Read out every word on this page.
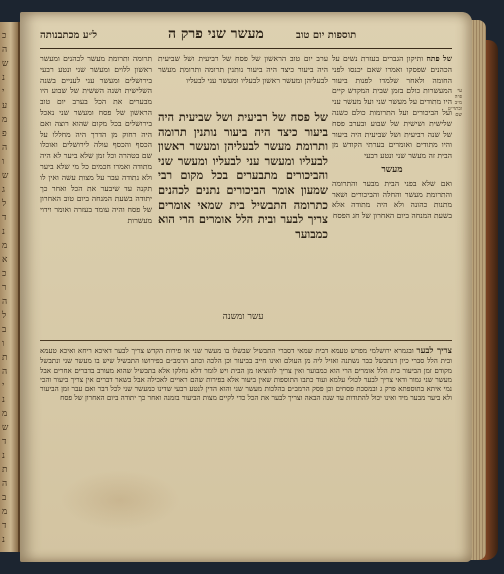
כ
ה
ש
נ
י
ע
מ
פ
ה
ו
ש
ג
ל
ד
נ
מ
א
כ
ר
ה
ל
ב
ו
ת
ה
י
נ
מ
ש
ד
נ
ת
ה
ב
מ
ד
נ
ל״ע מכתבנותה	מעשר שני פרק ה	תוספות יום טוב
של פתח ותיקון הגברים בעזרת נשים על הכהנים שפסקו ואמרו שאם יכנסו לפני החומה ולאחר שלמדו לפנות ביעור המעשרות כולם בזמן שבית המקדש קיים היו מתודים על מעשר שני ועל מעשר עני ועל הביכורים ועל התרומות כולם כשנה שלישית ושישית של שבוע ובערב פסח של שנה רביעית ושל שביעית היה ביעור והיו מתודים ואומרים בערתי הקודש מן הבית זה מעשר שני ונטע רבעי
מעשר
ואם שלא בפני הבית מבער והתרומה והתרומת מעשר והחלה והביכורים ושאר מתנות כהונה ולא היה מתודה אלא בשעת המנחה ביום האחרון של חג הפסח
עי׳ פ״ה מ״ב ובתוי״ט שם
תרומה ותרומת מעשר לכהנים ומעשר ראשון ללוים ומעשר שני ונטע רבעי בירושלים ומעשר עני לעניים בשנה השלישית ושנה הששית של שבוע היו מבערים את הכל בערב יום טוב הראשון של פסח ומעשר שני נאכל בירושלים בכל מקום שהוא רוצה ואם היה רחוק מן הדרך היה מחללו על הכסף והכסף עולה לירושלים ואוכלו שם בטהרה וכל זמן שלא ביער לא היה מתודה ואמרו חכמים כל מי שלא ביער ולא נתודה עבר על מצות עשה ואין לו תקנה עד שיבער את הכל ואחר כך יתודה בשעת המנחה ביום טוב האחרון של פסח והיה עומד בעזרה ואומר וידוי מעשרות
ערב יום טוב הראשון של פסח של רביעית ושל שביעית היה ביעור כיצד היה ביעור נותנין תרומה ותרומת מעשר לבעליהן ומעשר ראשון לבעליו ומעשר עני לבעליו
של פסח של רביעית ושל שביעית היה ביעור כיצד היה ביעור נותנין תרומה ותרומת מעשר לבעליהן ומעשר ראשון לבעליו ומעשר עני לבעליו ומעשר שני והביכורים מתבערים בכל מקום רבי שמעון אומר הביכורים נתנים לכהנים כתרומה התבשיל בית שמאי אומרים צריך לבער ובית הלל אומרים הרי הוא כמבוער
עשר ומשנה
צריך לבער ובגמרא ירושלמי מפרש טעמא דבית שמאי דסברי התבשיל שבשלו בו מעשר שני או פירות הקדש צריך לבער דאיכא ריחא ואיכא טעמא ובית הלל סברי כיון דנתבשל כבר נשתנה ואזיל ליה מן העולם ואינו חייב בביעור וכן הלכה וכתב הרמב״ם בפירושו התבשיל שיש בו מעשר שני ונתבשל מקודם זמן הביעור בית הלל אומרים הרי הוא כמבוער ואין צריך להוציאו מן הבית ויש לומר דלא נחלקו אלא בתבשיל שהוא מעורב בדברים אחרים אבל מעשר שני גמור ודאי צריך לבער לכולי עלמא ועוד כתבו התוספות שאין ביעור אלא בפירות שהם ראויים לאכילה אבל בשאר דברים אין צריך ביעור והכי נמי איתא בתוספתא פרק ג ובמסכת פסחים וכן פסק הרמב״ם בהלכות מעשר שני והוא הדין לנטע רבעי שדינו כמעשר שני לכל דבר ואם עבר זמן הביעור ולא ביער מבער מיד ואינו יכול להתודות עד שנה הבאה וצריך לבער את הכל כדי לקיים מצות הביעור בזמנה ואחר כך יתודה ביום האחרון של פסח
